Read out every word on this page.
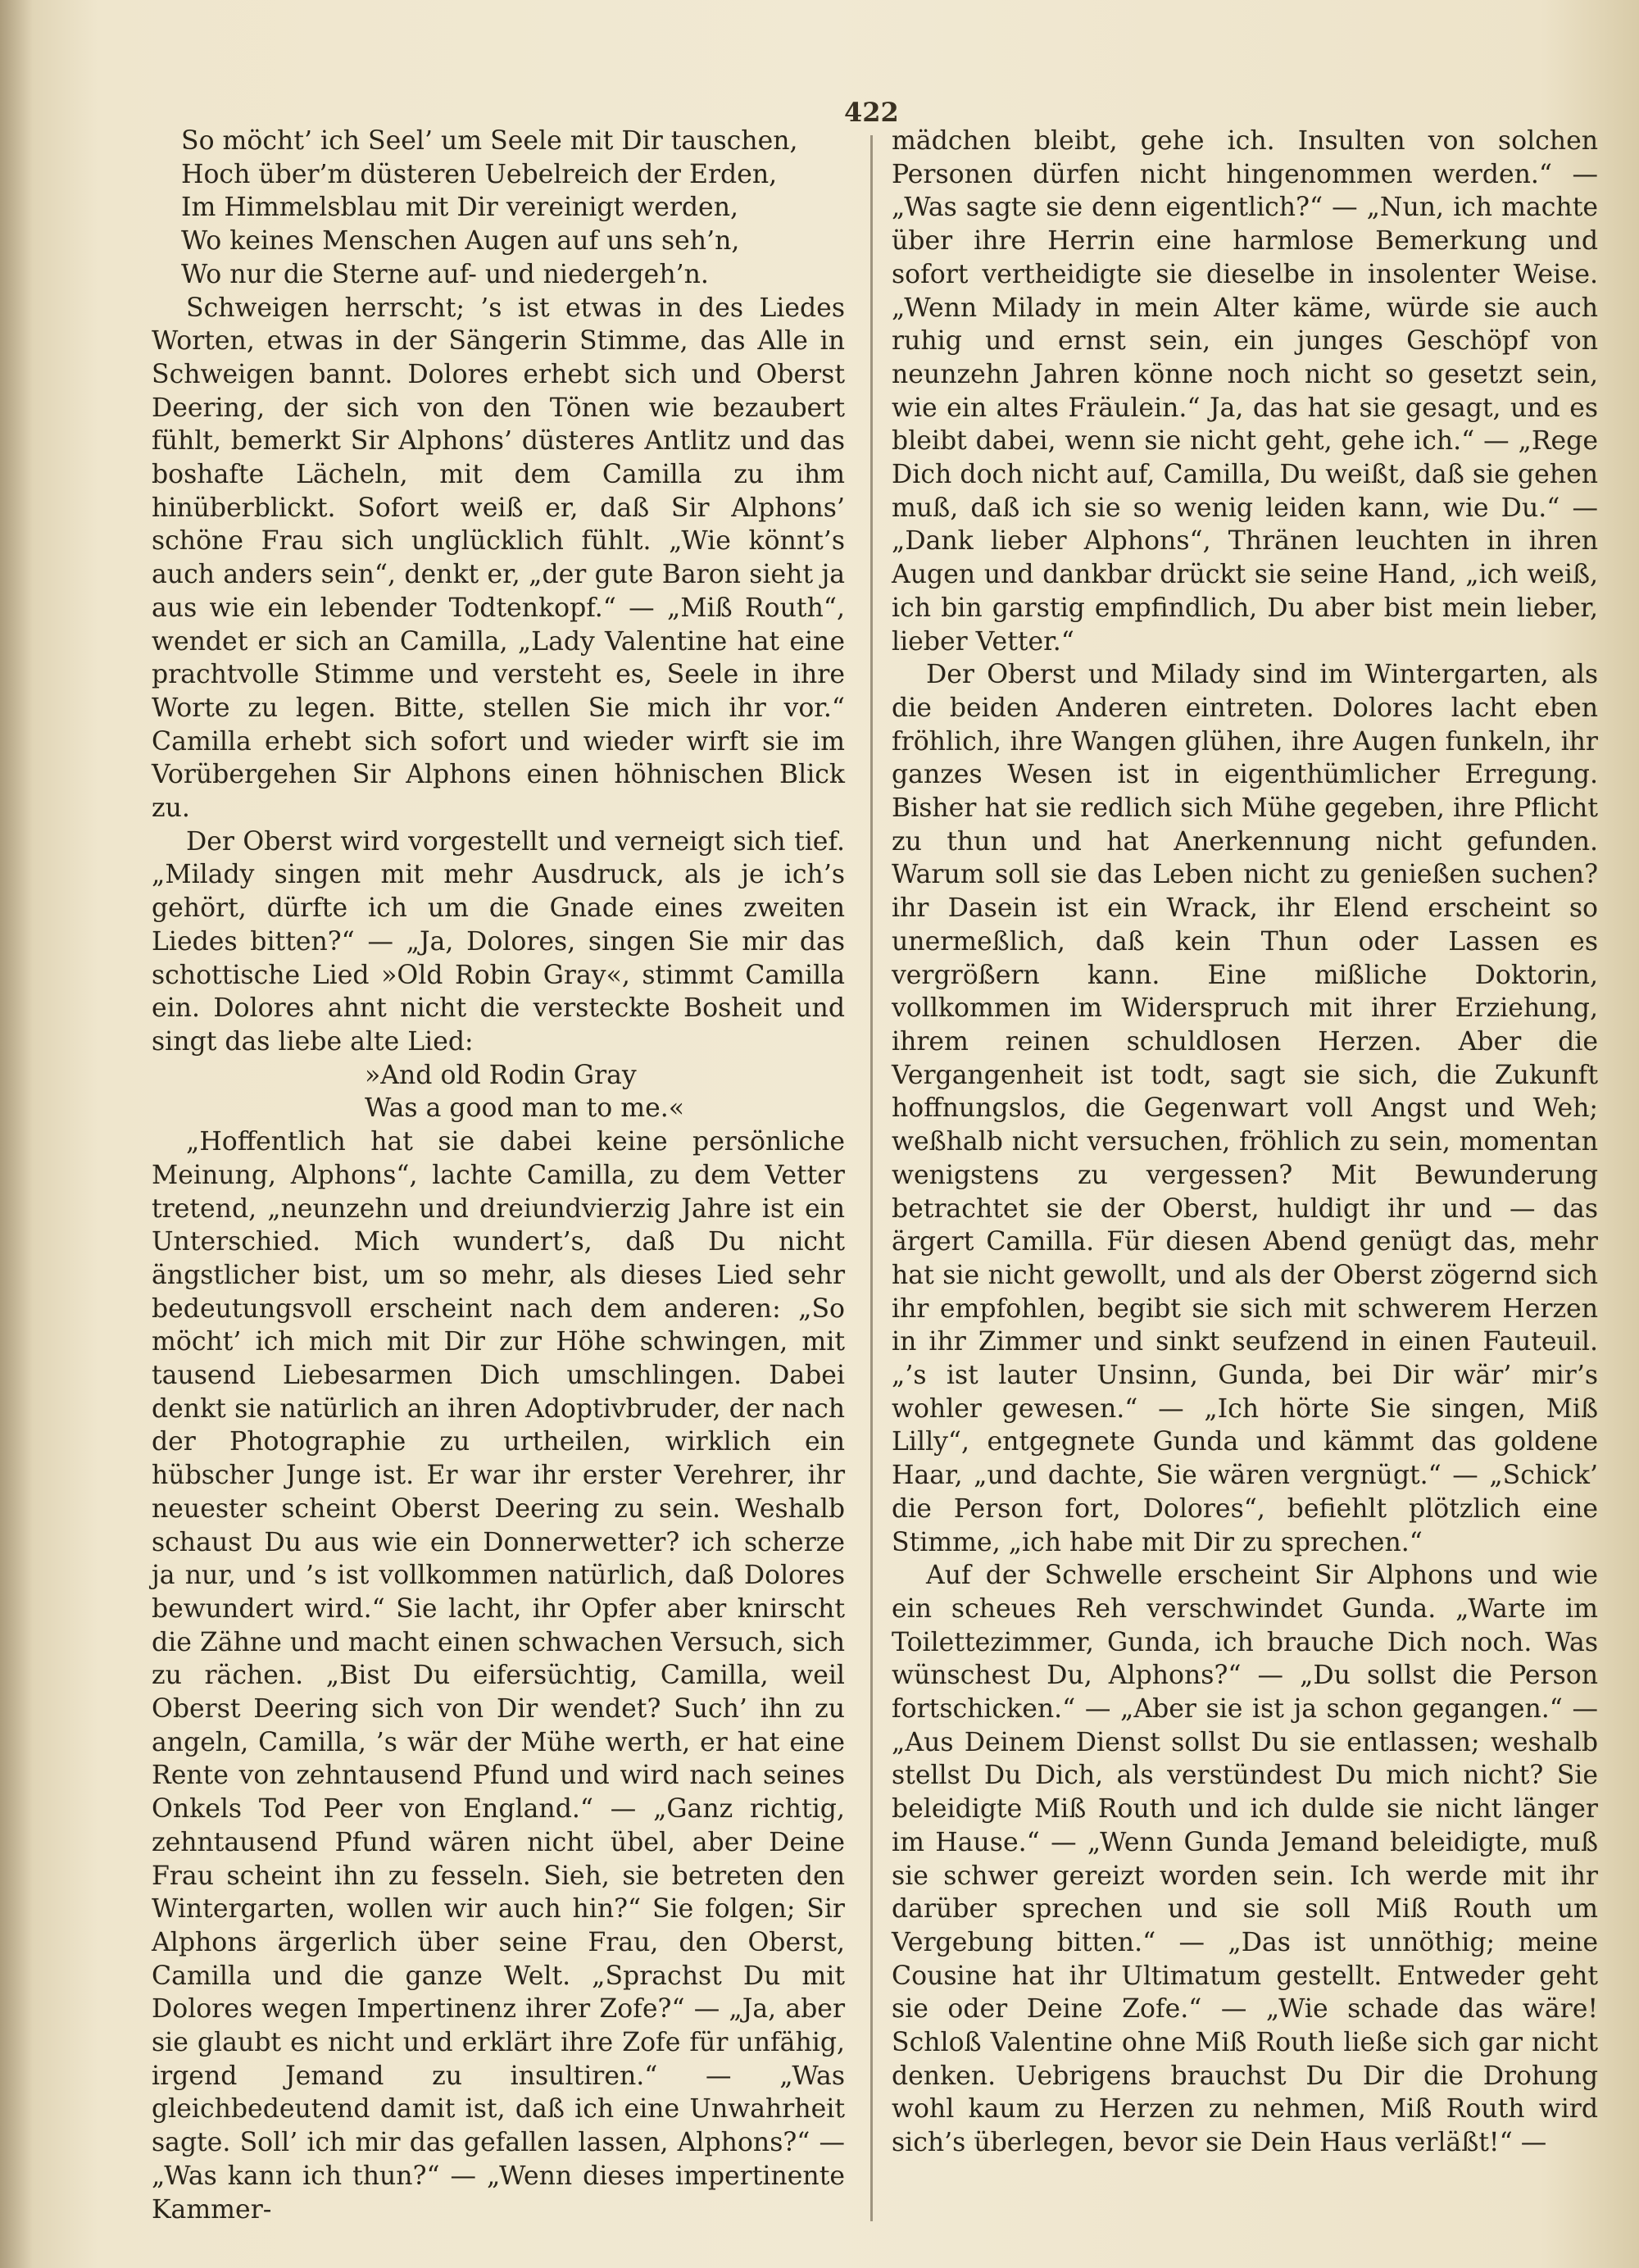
422

So möcht’ ich Seel’ um Seele mit Dir tauschen,

Hoch über’m düsteren Uebelreich der Erden,

Im Himmelsblau mit Dir vereinigt werden,

Wo keines Menschen Augen auf uns seh’n,

Wo nur die Sterne auf- und niedergeh’n.

Schweigen herrscht; ’s ist etwas in des Liedes Worten, etwas in der Sängerin Stimme, das Alle in Schweigen bannt. Dolores erhebt sich und Oberst Deering, der sich von den Tönen wie bezaubert fühlt, bemerkt Sir Alphons’ düsteres Antlitz und das boshafte Lächeln, mit dem Camilla zu ihm hinüberblickt. Sofort weiß er, daß Sir Alphons’ schöne Frau sich unglücklich fühlt. „Wie könnt’s auch anders sein“, denkt er, „der gute Baron sieht ja aus wie ein lebender Todtenkopf.“ — „Miß Routh“, wendet er sich an Camilla, „Lady Valentine hat eine prachtvolle Stimme und versteht es, Seele in ihre Worte zu legen. Bitte, stellen Sie mich ihr vor.“ Camilla erhebt sich sofort und wieder wirft sie im Vorübergehen Sir Alphons einen höhnischen Blick zu.

Der Oberst wird vorgestellt und verneigt sich tief. „Milady singen mit mehr Ausdruck, als je ich’s gehört, dürfte ich um die Gnade eines zweiten Liedes bitten?“ — „Ja, Dolores, singen Sie mir das schottische Lied »Old Robin Gray«, stimmt Camilla ein. Dolores ahnt nicht die versteckte Bosheit und singt das liebe alte Lied:

»And old Rodin Gray

Was a good man to me.«

„Hoffentlich hat sie dabei keine persönliche Meinung, Alphons“, lachte Camilla, zu dem Vetter tretend, „neunzehn und dreiundvierzig Jahre ist ein Unterschied. Mich wundert’s, daß Du nicht ängstlicher bist, um so mehr, als dieses Lied sehr bedeutungsvoll erscheint nach dem anderen: „So möcht’ ich mich mit Dir zur Höhe schwingen, mit tausend Liebesarmen Dich umschlingen. Dabei denkt sie natürlich an ihren Adoptivbruder, der nach der Photographie zu urtheilen, wirklich ein hübscher Junge ist. Er war ihr erster Verehrer, ihr neuester scheint Oberst Deering zu sein. Weshalb schaust Du aus wie ein Donnerwetter? ich scherze ja nur, und ’s ist vollkommen natürlich, daß Dolores bewundert wird.“ Sie lacht, ihr Opfer aber knirscht die Zähne und macht einen schwachen Versuch, sich zu rächen. „Bist Du eifersüchtig, Camilla, weil Oberst Deering sich von Dir wendet? Such’ ihn zu angeln, Camilla, ’s wär der Mühe werth, er hat eine Rente von zehntausend Pfund und wird nach seines Onkels Tod Peer von England.“ — „Ganz richtig, zehntausend Pfund wären nicht übel, aber Deine Frau scheint ihn zu fesseln. Sieh, sie betreten den Wintergarten, wollen wir auch hin?“ Sie folgen; Sir Alphons ärgerlich über seine Frau, den Oberst, Camilla und die ganze Welt. „Sprachst Du mit Dolores wegen Impertinenz ihrer Zofe?“ — „Ja, aber sie glaubt es nicht und erklärt ihre Zofe für unfähig, irgend Jemand zu insultiren.“ — „Was gleichbedeutend damit ist, daß ich eine Unwahrheit sagte. Soll’ ich mir das gefallen lassen, Alphons?“ — „Was kann ich thun?“ — „Wenn dieses impertinente Kammer-

mädchen bleibt, gehe ich. Insulten von solchen Personen dürfen nicht hingenommen werden.“ — „Was sagte sie denn eigentlich?“ — „Nun, ich machte über ihre Herrin eine harmlose Bemerkung und sofort vertheidigte sie dieselbe in insolenter Weise. „Wenn Milady in mein Alter käme, würde sie auch ruhig und ernst sein, ein junges Geschöpf von neunzehn Jahren könne noch nicht so gesetzt sein, wie ein altes Fräulein.“ Ja, das hat sie gesagt, und es bleibt dabei, wenn sie nicht geht, gehe ich.“ — „Rege Dich doch nicht auf, Camilla, Du weißt, daß sie gehen muß, daß ich sie so wenig leiden kann, wie Du.“ — „Dank lieber Alphons“, Thränen leuchten in ihren Augen und dankbar drückt sie seine Hand, „ich weiß, ich bin garstig empfindlich, Du aber bist mein lieber, lieber Vetter.“

Der Oberst und Milady sind im Wintergarten, als die beiden Anderen eintreten. Dolores lacht eben fröhlich, ihre Wangen glühen, ihre Augen funkeln, ihr ganzes Wesen ist in eigenthümlicher Erregung. Bisher hat sie redlich sich Mühe gegeben, ihre Pflicht zu thun und hat Anerkennung nicht gefunden. Warum soll sie das Leben nicht zu genießen suchen? ihr Dasein ist ein Wrack, ihr Elend erscheint so unermeßlich, daß kein Thun oder Lassen es vergrößern kann. Eine mißliche Doktorin, vollkommen im Widerspruch mit ihrer Erziehung, ihrem reinen schuldlosen Herzen. Aber die Vergangenheit ist todt, sagt sie sich, die Zukunft hoffnungslos, die Gegenwart voll Angst und Weh; weßhalb nicht versuchen, fröhlich zu sein, momentan wenigstens zu vergessen? Mit Bewunderung betrachtet sie der Oberst, huldigt ihr und — das ärgert Camilla. Für diesen Abend genügt das, mehr hat sie nicht gewollt, und als der Oberst zögernd sich ihr empfohlen, begibt sie sich mit schwerem Herzen in ihr Zimmer und sinkt seufzend in einen Fauteuil. „’s ist lauter Unsinn, Gunda, bei Dir wär’ mir’s wohler gewesen.“ — „Ich hörte Sie singen, Miß Lilly“, entgegnete Gunda und kämmt das goldene Haar, „und dachte, Sie wären vergnügt.“ — „Schick’ die Person fort, Dolores“, befiehlt plötzlich eine Stimme, „ich habe mit Dir zu sprechen.“

Auf der Schwelle erscheint Sir Alphons und wie ein scheues Reh verschwindet Gunda. „Warte im Toilettezimmer, Gunda, ich brauche Dich noch. Was wünschest Du, Alphons?“ — „Du sollst die Person fortschicken.“ — „Aber sie ist ja schon gegangen.“ — „Aus Deinem Dienst sollst Du sie entlassen; weshalb stellst Du Dich, als verstündest Du mich nicht? Sie beleidigte Miß Routh und ich dulde sie nicht länger im Hause.“ — „Wenn Gunda Jemand beleidigte, muß sie schwer gereizt worden sein. Ich werde mit ihr darüber sprechen und sie soll Miß Routh um Vergebung bitten.“ — „Das ist unnöthig; meine Cousine hat ihr Ultimatum gestellt. Entweder geht sie oder Deine Zofe.“ — „Wie schade das wäre! Schloß Valentine ohne Miß Routh ließe sich gar nicht denken. Uebrigens brauchst Du Dir die Drohung wohl kaum zu Herzen zu nehmen, Miß Routh wird sich’s überlegen, bevor sie Dein Haus verläßt!“ —
